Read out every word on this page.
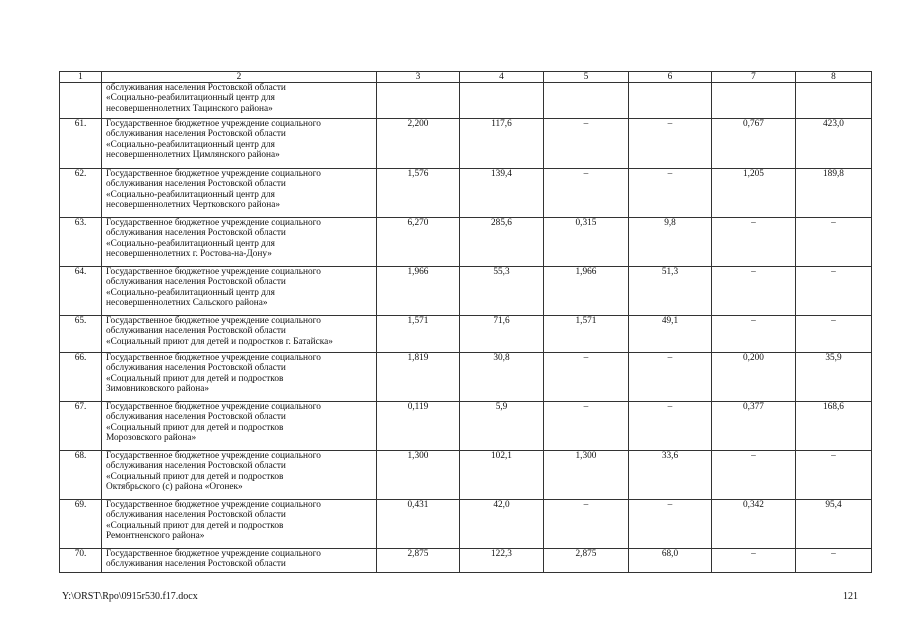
1	2	3	4	5	6	7	8

	обслуживания населения Ростовской области
«Социально-реабилитационный центр для
несовершеннолетних Тацинского района»						

61.	Государственное бюджетное учреждение социального
обслуживания населения Ростовской области
«Социально-реабилитационный центр для
несовершеннолетних Цимлянского района»	2,200	117,6	–	–	0,767	423,0
62.	Государственное бюджетное учреждение социального
обслуживания населения Ростовской области
«Социально-реабилитационный центр для
несовершеннолетних Чертковского района»	1,576	139,4	–	–	1,205	189,8
63.	Государственное бюджетное учреждение социального
обслуживания населения Ростовской области
«Социально-реабилитационный центр для
несовершеннолетних г. Ростова-на-Дону»	6,270	285,6	0,315	9,8	–	–
64.	Государственное бюджетное учреждение социального
обслуживания населения Ростовской области
«Социально-реабилитационный центр для
несовершеннолетних Сальского района»	1,966	55,3	1,966	51,3	–	–
65.	Государственное бюджетное учреждение социального
обслуживания населения Ростовской области
«Социальный приют для детей и подростков г. Батайска»	1,571	71,6	1,571	49,1	–	–
66.	Государственное бюджетное учреждение социального
обслуживания населения Ростовской области
«Социальный приют для детей и подростков
Зимовниковского района»	1,819	30,8	–	–	0,200	35,9
67.	Государственное бюджетное учреждение социального
обслуживания населения Ростовской области
«Социальный приют для детей и подростков
Морозовского района»	0,119	5,9	–	–	0,377	168,6
68.	Государственное бюджетное учреждение социального
обслуживания населения Ростовской области
«Социальный приют для детей и подростков
Октябрьского (с) района «Огонек»	1,300	102,1	1,300	33,6	–	–
69.	Государственное бюджетное учреждение социального
обслуживания населения Ростовской области
«Социальный приют для детей и подростков
Ремонтненского района»	0,431	42,0	–	–	0,342	95,4
70.	Государственное бюджетное учреждение социального
обслуживания населения Ростовской области	2,875	122,3	2,875	68,0	–	–
Y:\ORST\Rpo\0915r530.f17.docx	121
